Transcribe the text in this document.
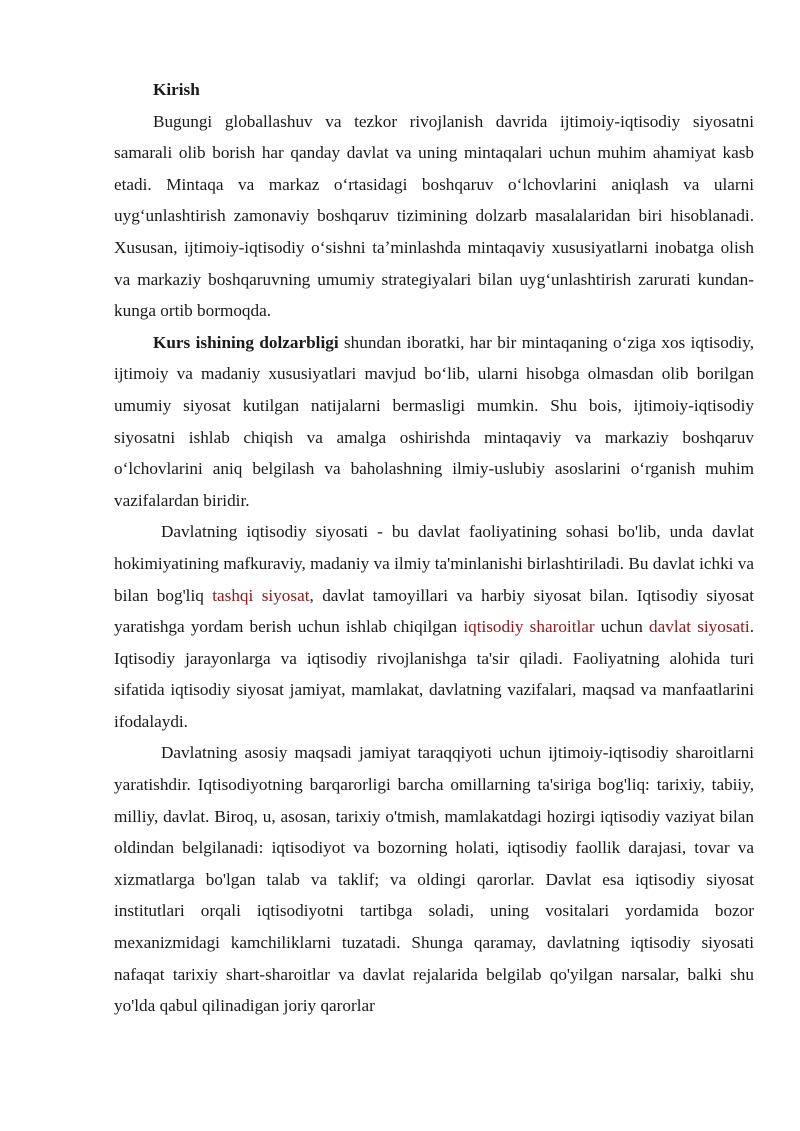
Kirish

Bugungi globallashuv va tezkor rivojlanish davrida ijtimoiy-iqtisodiy siyosatni samarali olib borish har qanday davlat va uning mintaqalari uchun muhim ahamiyat kasb etadi. Mintaqa va markaz oʻrtasidagi boshqaruv oʻlchovlarini aniqlash va ularni uygʻunlashtirish zamonaviy boshqaruv tizimining dolzarb masalalaridan biri hisoblanadi. Xususan, ijtimoiy-iqtisodiy oʻsishni taʼminlashda mintaqaviy xususiyatlarni inobatga olish va markaziy boshqaruvning umumiy strategiyalari bilan uygʻunlashtirish zarurati kundan-kunga ortib bormoqda.

Kurs ishining dolzarbligi shundan iboratki, har bir mintaqaning oʻziga xos iqtisodiy, ijtimoiy va madaniy xususiyatlari mavjud boʻlib, ularni hisobga olmasdan olib borilgan umumiy siyosat kutilgan natijalarni bermasligi mumkin. Shu bois, ijtimoiy-iqtisodiy siyosatni ishlab chiqish va amalga oshirishda mintaqaviy va markaziy boshqaruv oʻlchovlarini aniq belgilash va baholashning ilmiy-uslubiy asoslarini oʻrganish muhim vazifalardan biridir.

Davlatning iqtisodiy siyosati - bu davlat faoliyatining sohasi bo'lib, unda davlat hokimiyatining mafkuraviy, madaniy va ilmiy ta'minlanishi birlashtiriladi. Bu davlat ichki va bilan bog'liq tashqi siyosat, davlat tamoyillari va harbiy siyosat bilan. Iqtisodiy siyosat yaratishga yordam berish uchun ishlab chiqilgan iqtisodiy sharoitlar uchun davlat siyosati. Iqtisodiy jarayonlarga va iqtisodiy rivojlanishga ta'sir qiladi. Faoliyatning alohida turi sifatida iqtisodiy siyosat jamiyat, mamlakat, davlatning vazifalari, maqsad va manfaatlarini ifodalaydi.

Davlatning asosiy maqsadi jamiyat taraqqiyoti uchun ijtimoiy-iqtisodiy sharoitlarni yaratishdir. Iqtisodiyotning barqarorligi barcha omillarning ta'siriga bog'liq: tarixiy, tabiiy, milliy, davlat. Biroq, u, asosan, tarixiy o'tmish, mamlakatdagi hozirgi iqtisodiy vaziyat bilan oldindan belgilanadi: iqtisodiyot va bozorning holati, iqtisodiy faollik darajasi, tovar va xizmatlarga bo'lgan talab va taklif; va oldingi qarorlar. Davlat esa iqtisodiy siyosat institutlari orqali iqtisodiyotni tartibga soladi, uning vositalari yordamida bozor mexanizmidagi kamchiliklarni tuzatadi. Shunga qaramay, davlatning iqtisodiy siyosati nafaqat tarixiy shart-sharoitlar va davlat rejalarida belgilab qo'yilgan narsalar, balki shu yo'lda qabul qilinadigan joriy qarorlar
